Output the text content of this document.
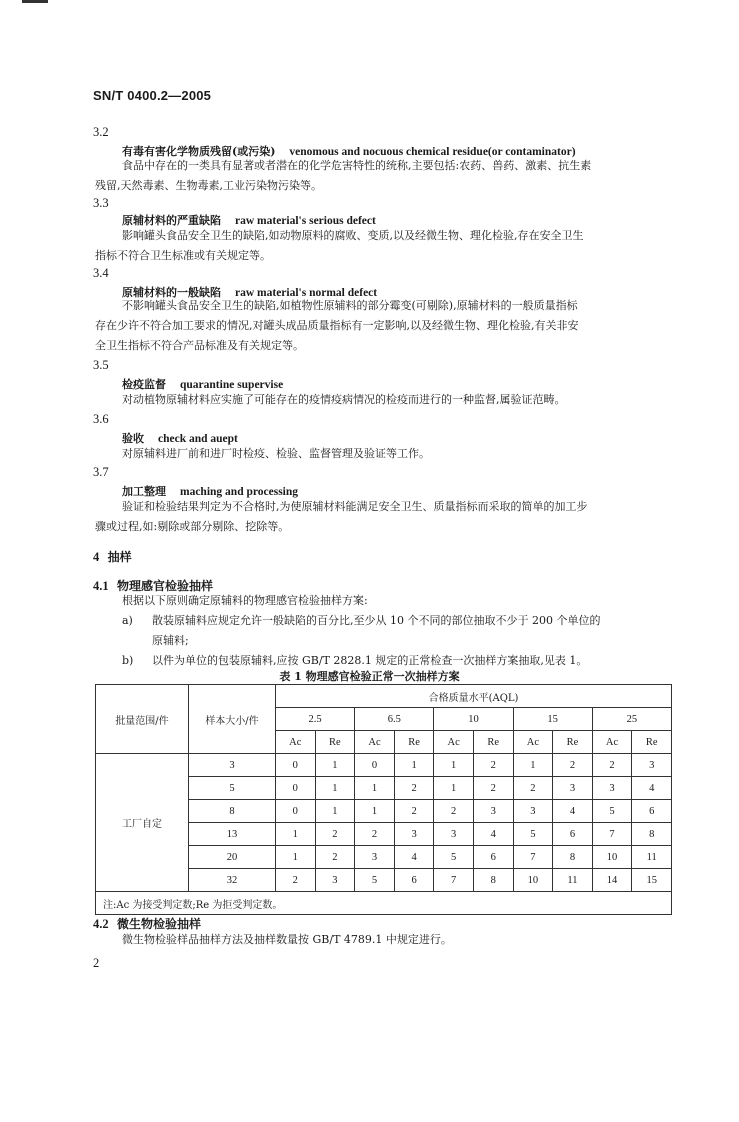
SN/T 0400.2—2005
3.2
有毒有害化学物质残留(或污染) venomous and nocuous chemical residue(or contaminator)
食品中存在的一类具有显著或者潜在的化学危害特性的统称,主要包括:农药、兽药、激素、抗生素
残留,天然毒素、生物毒素,工业污染物污染等。
3.3
原辅材料的严重缺陷 raw material's serious defect
影响罐头食品安全卫生的缺陷,如动物原料的腐败、变质,以及经微生物、理化检验,存在安全卫生
指标不符合卫生标准或有关规定等。
3.4
原辅材料的一般缺陷 raw material's normal defect
不影响罐头食品安全卫生的缺陷,如植物性原辅料的部分霉变(可剔除),原辅材料的一般质量指标
存在少许不符合加工要求的情况,对罐头成品质量指标有一定影响,以及经微生物、理化检验,有关非安
全卫生指标不符合产品标准及有关规定等。
3.5
检疫监督 quarantine supervise
对动植物原辅材料应实施了可能存在的疫情疫病情况的检疫而进行的一种监督,属验证范畴。
3.6
验收 check and auept
对原辅料进厂前和进厂时检疫、检验、监督管理及验证等工作。
3.7
加工整理 maching and processing
验证和检验结果判定为不合格时,为使原辅材料能满足安全卫生、质量指标而采取的简单的加工步
骤或过程,如:剔除或部分剔除、挖除等。
4 抽样
4.1 物理感官检验抽样
根据以下原则确定原辅料的物理感官检验抽样方案:
a) 散装原辅料应规定允许一般缺陷的百分比,至少从 10 个不同的部位抽取不少于 200 个单位的
原辅料;
b) 以件为单位的包装原辅料,应按 GB/T 2828.1 规定的正常检查一次抽样方案抽取,见表 1。
表 1 物理感官检验正常一次抽样方案
批量范围/件	样本大小/件	合格质量水平(AQL)									
		2.5		6.5		10		15		25	
		Ac	Re	Ac	Re	Ac	Re	Ac	Re	Ac	Re
工厂自定	3	0	1	0	1	1	2	1	2	2	3
	5	0	1	1	2	1	2	2	3	3	4
	8	0	1	1	2	2	3	3	4	5	6
	13	1	2	2	3	3	4	5	6	7	8
	20	1	2	3	4	5	6	7	8	10	11
	32	2	3	5	6	7	8	10	11	14	15
注:Ac 为接受判定数;Re 为拒受判定数。											
4.2 微生物检验抽样
微生物检验样品抽样方法及抽样数量按 GB/T 4789.1 中规定进行。
2
